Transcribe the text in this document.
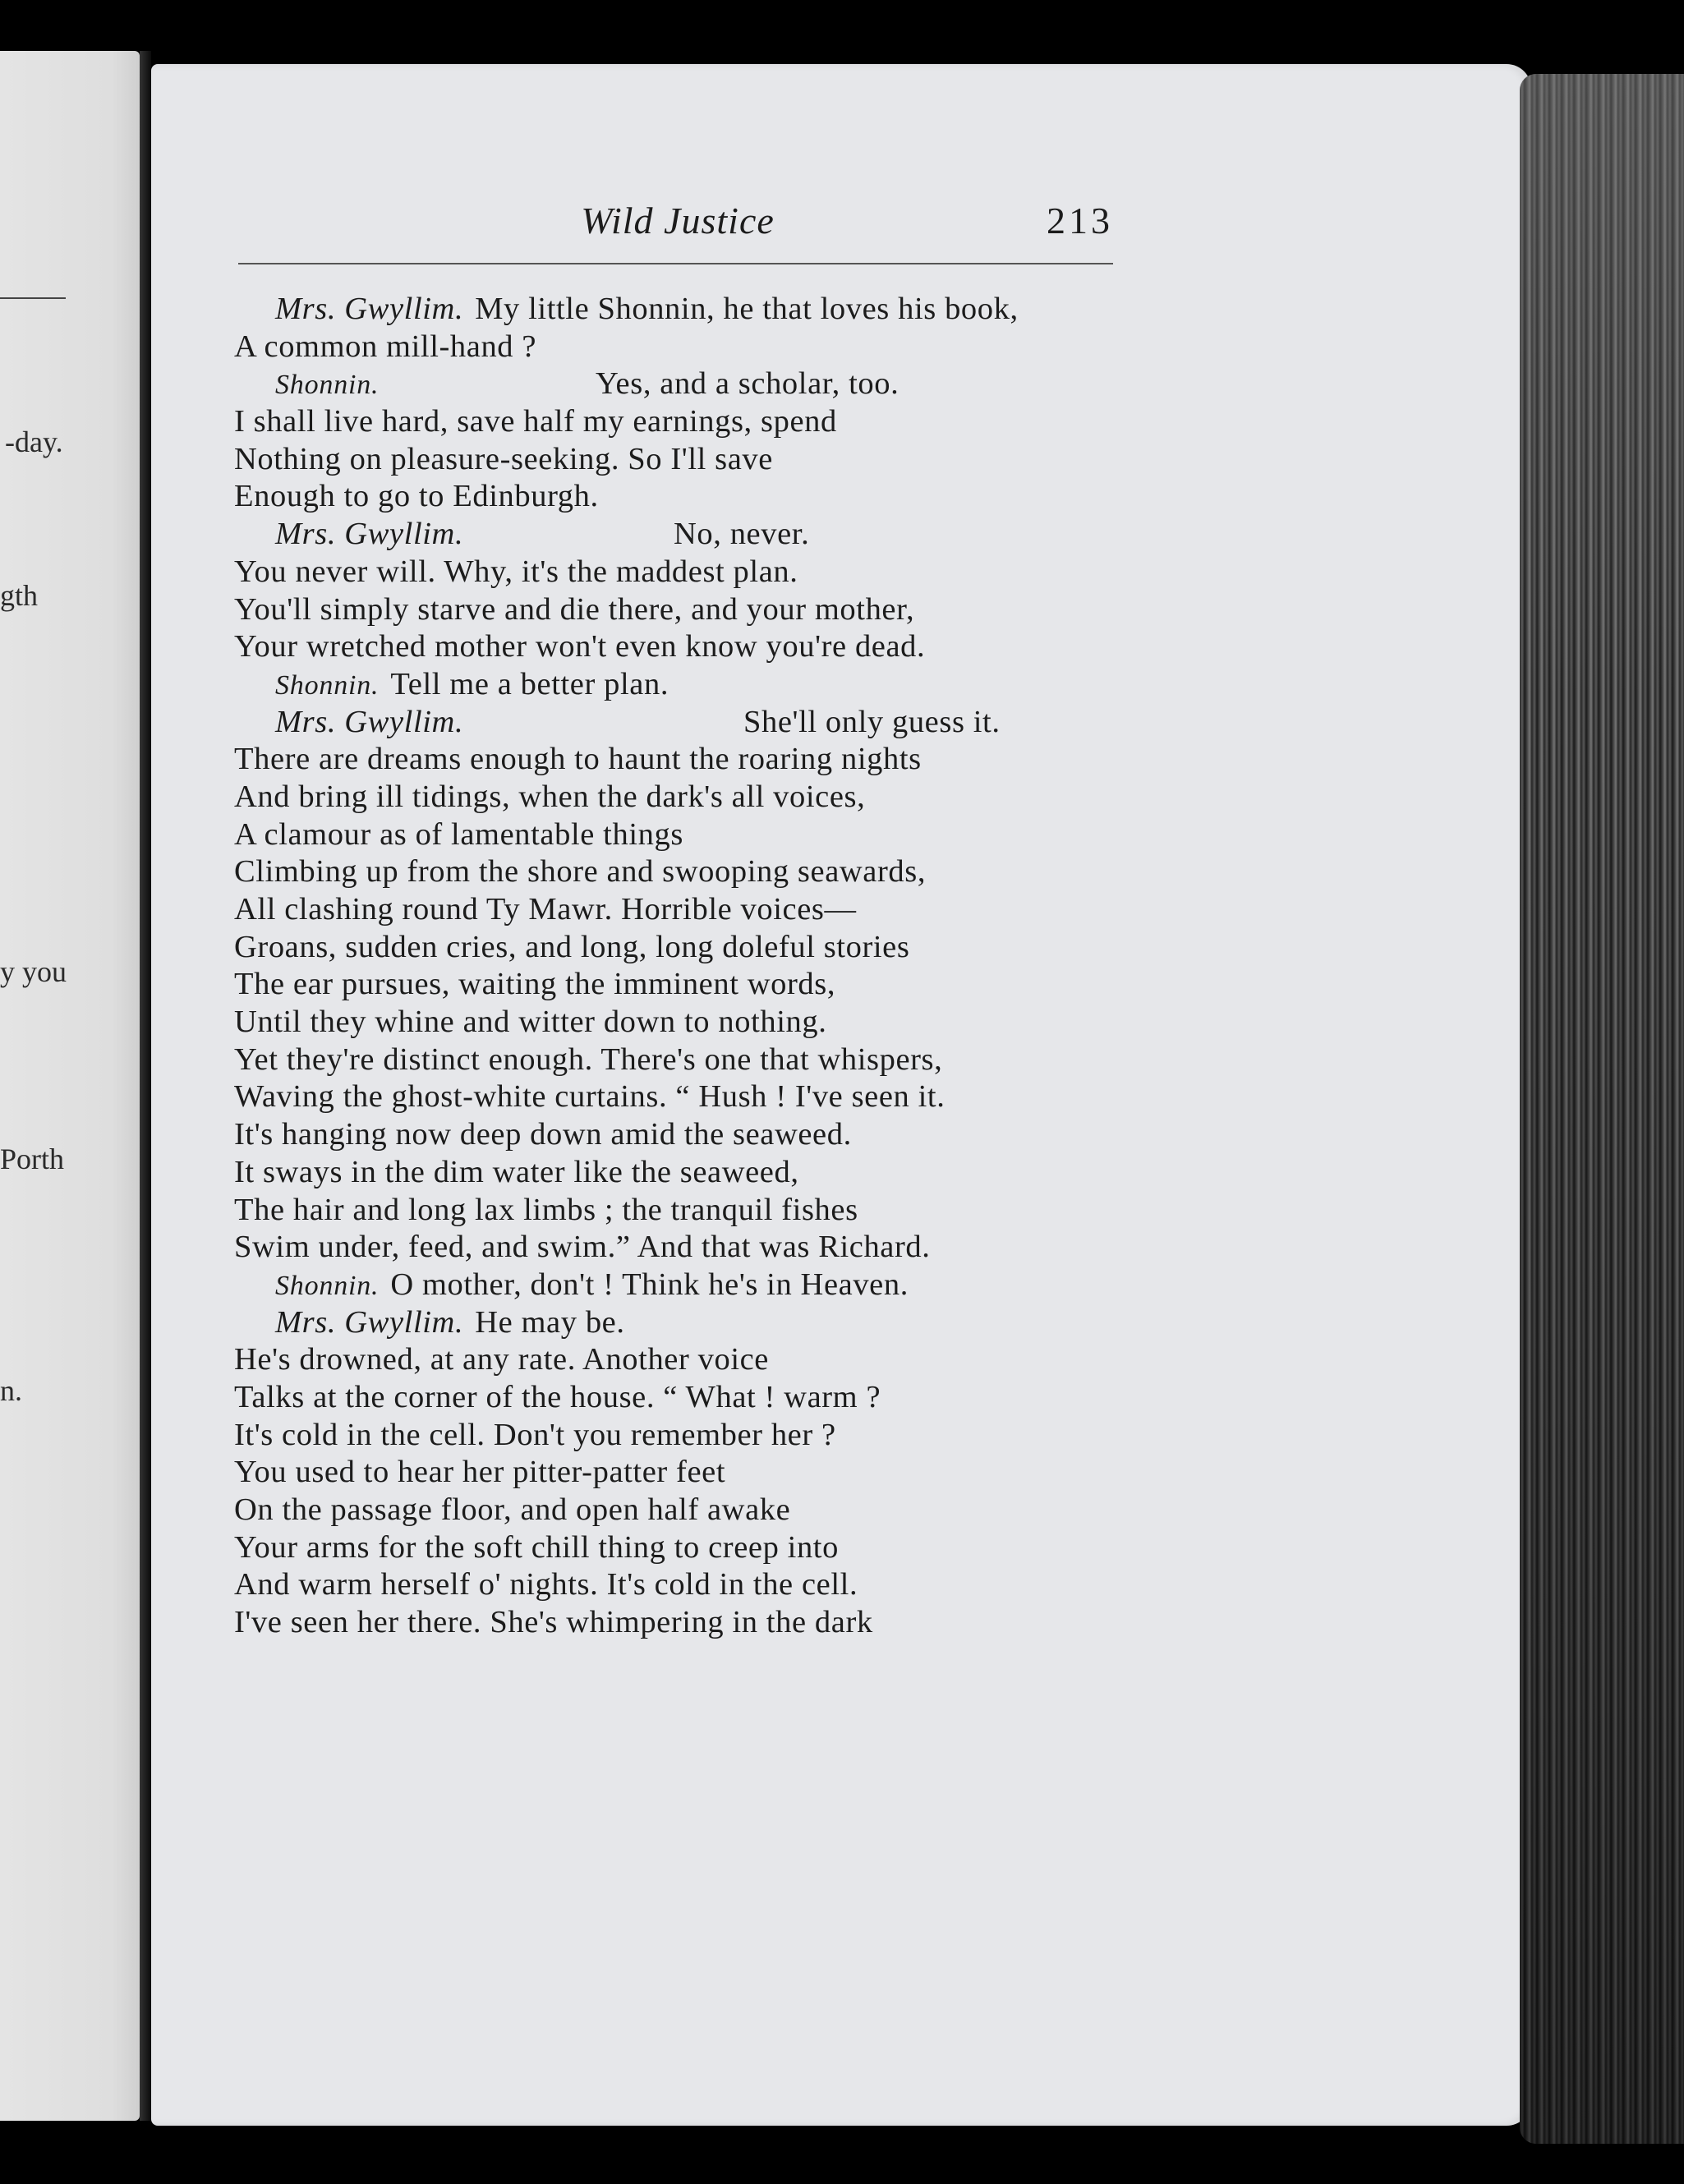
-day.
gth
y you
Porth
n.
Wild Justice	213
Mrs. Gwyllim. My little Shonnin, he that loves his book,
A common mill-hand ?
Shonnin.	Yes, and a scholar, too.
I shall live hard, save half my earnings, spend
Nothing on pleasure-seeking. So I'll save
Enough to go to Edinburgh.
Mrs. Gwyllim.	No, never.
You never will. Why, it's the maddest plan.
You'll simply starve and die there, and your mother,
Your wretched mother won't even know you're dead.
Shonnin. Tell me a better plan.
Mrs. Gwyllim.	She'll only guess it.
There are dreams enough to haunt the roaring nights
And bring ill tidings, when the dark's all voices,
A clamour as of lamentable things
Climbing up from the shore and swooping seawards,
All clashing round Ty Mawr. Horrible voices—
Groans, sudden cries, and long, long doleful stories
The ear pursues, waiting the imminent words,
Until they whine and witter down to nothing.
Yet they're distinct enough. There's one that whispers,
Waving the ghost-white curtains. “ Hush ! I've seen it.
It's hanging now deep down amid the seaweed.
It sways in the dim water like the seaweed,
The hair and long lax limbs ; the tranquil fishes
Swim under, feed, and swim.” And that was Richard.
Shonnin. O mother, don't ! Think he's in Heaven.
Mrs. Gwyllim. He may be.
He's drowned, at any rate. Another voice
Talks at the corner of the house. “ What ! warm ?
It's cold in the cell. Don't you remember her ?
You used to hear her pitter-patter feet
On the passage floor, and open half awake
Your arms for the soft chill thing to creep into
And warm herself o' nights. It's cold in the cell.
I've seen her there. She's whimpering in the dark
